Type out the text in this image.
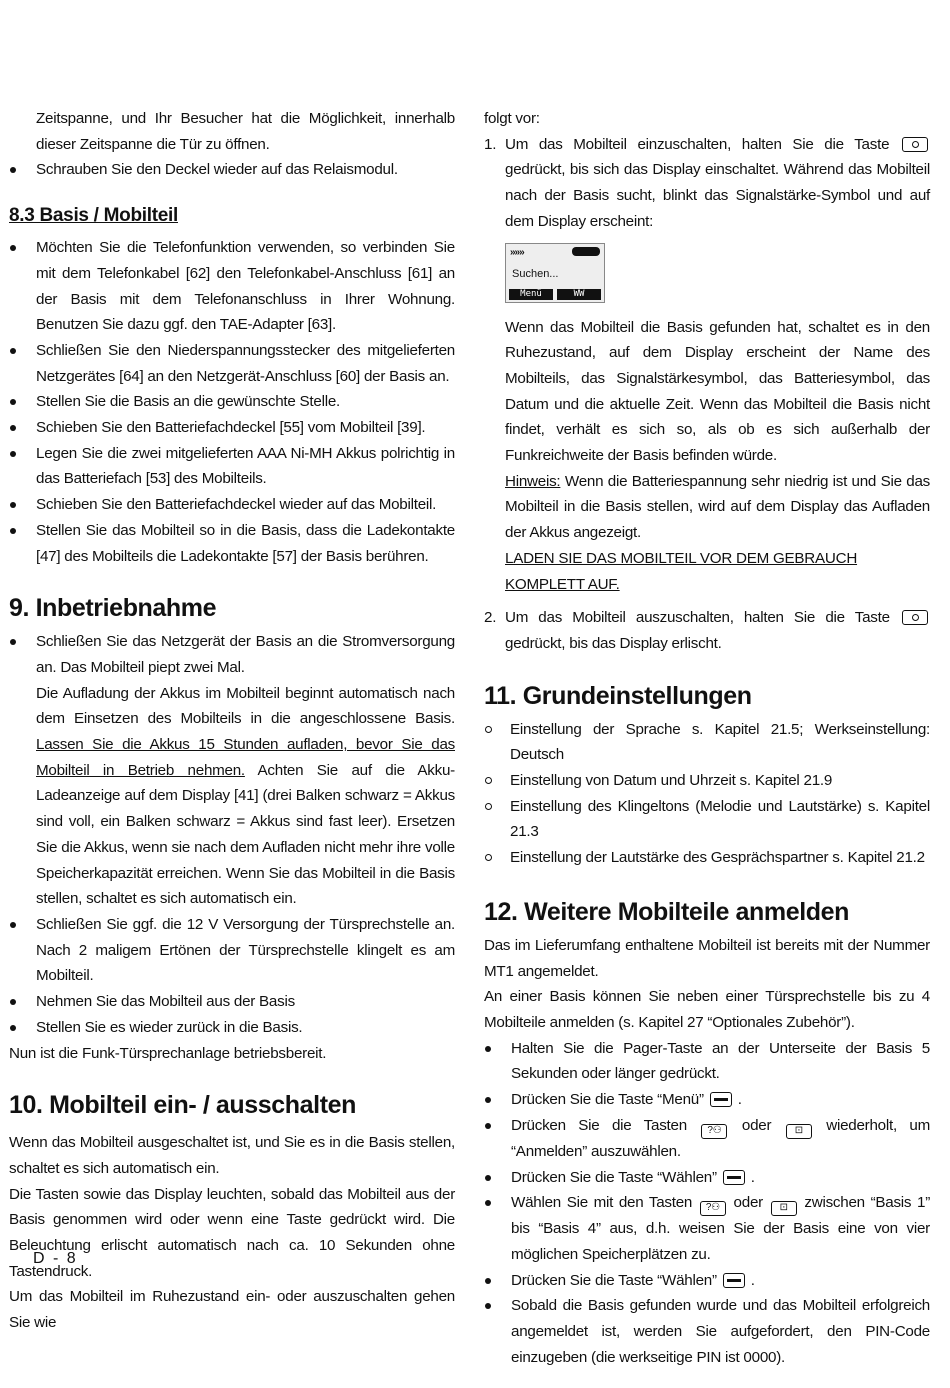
Zeitspanne, und Ihr Besucher hat die Möglichkeit, innerhalb dieser Zeitspanne die Tür zu öffnen.

Schrauben Sie den Deckel wieder auf das Relaismodul.
8.3 Basis / Mobilteil
Möchten Sie die Telefonfunktion verwenden, so verbinden Sie mit dem Telefonkabel [62] den Telefonkabel-Anschluss [61] an der Basis mit dem Telefonanschluss in Ihrer Wohnung. Benutzen Sie dazu ggf. den TAE-Adapter [63].
Schließen Sie den Niederspannungsstecker des mitgelieferten Netzgerätes [64] an den Netzgerät-Anschluss [60] der Basis an.
Stellen Sie die Basis an die gewünschte Stelle.
Schieben Sie den Batteriefachdeckel [55] vom Mobilteil [39].
Legen Sie die zwei mitgelieferten AAA Ni-MH Akkus polrichtig in das Batteriefach [53] des Mobilteils.
Schieben Sie den Batteriefachdeckel wieder auf das Mobilteil.
Stellen Sie das Mobilteil so in die Basis, dass die Ladekontakte [47] des Mobilteils die Ladekontakte [57] der Basis berühren.
9. Inbetriebnahme
Schließen Sie das Netzgerät der Basis an die Stromversorgung an. Das Mobilteil piept zwei Mal.

Die Aufladung der Akkus im Mobilteil beginnt automatisch nach dem Einsetzen des Mobilteils in die angeschlossene Basis. Lassen Sie die Akkus 15 Stunden aufladen, bevor Sie das Mobilteil in Betrieb nehmen. Achten Sie auf die Akku-Ladeanzeige auf dem Display [41] (drei Balken schwarz = Akkus sind voll, ein Balken schwarz = Akkus sind fast leer). Ersetzen Sie die Akkus, wenn sie nach dem Aufladen nicht mehr ihre volle Speicherkapazität erreichen. Wenn Sie das Mobilteil in die Basis stellen, schaltet es sich automatisch ein.

Schließen Sie ggf. die 12 V Versorgung der Türsprechstelle an. Nach 2 maligem Ertönen der Türsprechstelle klingelt es am Mobilteil.
Nehmen Sie das Mobilteil aus der Basis
Stellen Sie es wieder zurück in die Basis.

Nun ist die Funk-Türsprechanlage betriebsbereit.

10. Mobilteil ein- / ausschalten

Wenn das Mobilteil ausgeschaltet ist, und Sie es in die Basis stellen, schaltet es sich automatisch ein.

Die Tasten sowie das Display leuchten, sobald das Mobilteil aus der Basis genommen wird oder wenn eine Taste gedrückt wird. Die Beleuchtung erlischt automatisch nach ca. 10 Sekunden ohne Tastendruck.

Um das Mobilteil im Ruhezustand ein- oder auszuschalten gehen Sie wie

D - 8

folgt vor:

1. Um das Mobilteil einzuschalten, halten Sie die Taste  gedrückt, bis sich das Display einschaltet. Während das Mobilteil nach der Basis sucht, blinkt das Signalstärke-Symbol und auf dem Display erscheint:
»»»
Suchen...
Menü	WW

Wenn das Mobilteil die Basis gefunden hat, schaltet es in den Ruhezustand, auf dem Display erscheint der Name des Mobilteils, das Signalstärkesymbol, das Batteriesymbol, das Datum und die aktuelle Zeit. Wenn das Mobilteil die Basis nicht findet, verhält es sich so, als ob es sich außerhalb der Funkreichweite der Basis befinden würde.

Hinweis: Wenn die Batteriespannung sehr niedrig ist und Sie das Mobilteil in die Basis stellen, wird auf dem Display das Aufladen der Akkus angezeigt.

LADEN SIE DAS MOBILTEIL VOR DEM GEBRAUCH KOMPLETT AUF.

2. Um das Mobilteil auszuschalten, halten Sie die Taste  gedrückt, bis das Display erlischt.
11. Grundeinstellungen
Einstellung der Sprache s. Kapitel 21.5; Werkseinstellung: Deutsch
Einstellung von Datum und Uhrzeit s. Kapitel 21.9
Einstellung des Klingeltons (Melodie und Lautstärke) s. Kapitel 21.3
Einstellung der Lautstärke des Gesprächspartner s. Kapitel 21.2
12. Weitere Mobilteile anmelden

Das im Lieferumfang enthaltene Mobilteil ist bereits mit der Nummer MT1 angemeldet.

An einer Basis können Sie neben einer Türsprechstelle bis zu 4 Mobilteile anmelden (s. Kapitel 27 “Optionales Zubehör”).

Halten Sie die Pager-Taste an der Unterseite der Basis 5 Sekunden oder länger gedrückt.
Drücken Sie die Taste “Menü”  .
Drücken Sie die Tasten ?⚇ oder ⊡ wiederholt, um “Anmelden” auszuwählen.
Drücken Sie die Taste “Wählen”  .
Wählen Sie mit den Tasten ?⚇ oder ⊡ zwischen “Basis 1” bis “Basis 4” aus, d.h. weisen Sie der Basis eine von vier möglichen Speicherplätzen zu.
Drücken Sie die Taste “Wählen”  .
Sobald die Basis gefunden wurde und das Mobilteil erfolgreich angemeldet ist, werden Sie aufgefordert, den PIN-Code einzugeben (die werkseitige PIN ist 0000).
